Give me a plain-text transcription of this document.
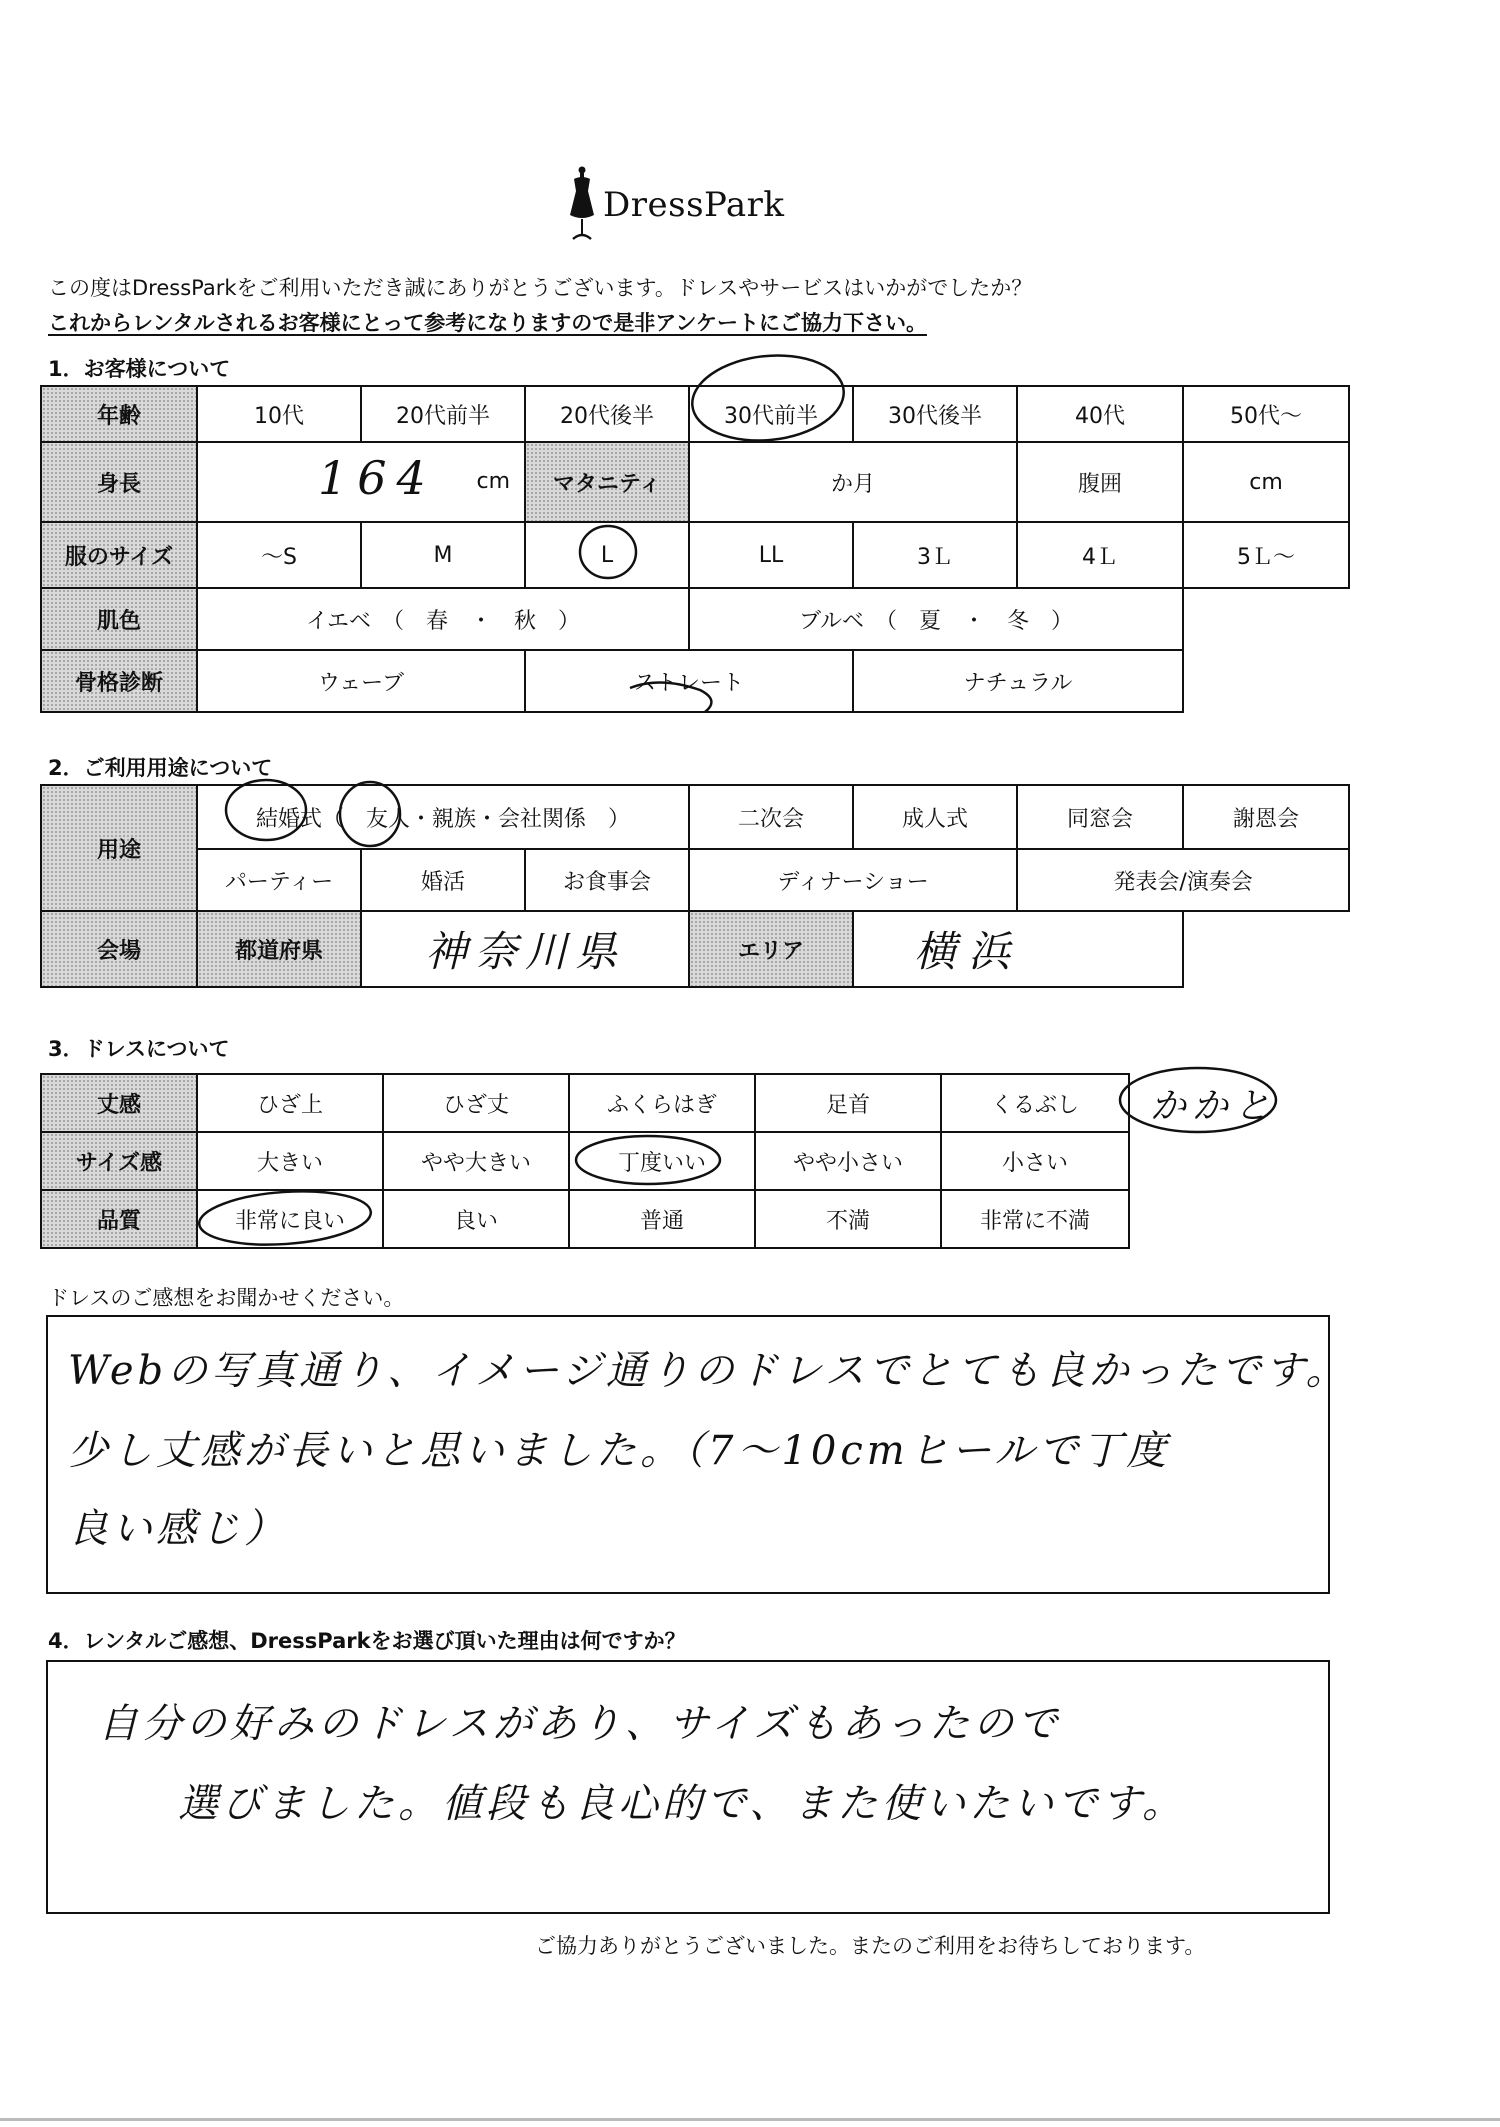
DressPark
この度はDressParkをご利用いただき誠にありがとうございます。ドレスやサービスはいかがでしたか？
これからレンタルされるお客様にとって参考になりますので是非アンケートにご協力下さい。
1．お客様について
年齢	10代	20代前半	20代後半	30代前半	30代後半	40代	50代～
身長	164 cm		マタニティ	か月		腹囲	cm
服のサイズ	～S	M	L	LL	3Ｌ	4Ｌ	5Ｌ～
肌色	イエベ　（　春　・　秋　）			ブルベ　（　夏　・　冬　）			
骨格診断	ウェーブ		ストレート		ナチュラル		
2．ご利用用途について
用途	結婚式（　友人・親族・会社関係　）			二次会	成人式	同窓会	謝恩会
	パーティー	婚活	お食事会	ディナーショー		発表会/演奏会	
会場	都道府県	神奈川県		エリア	横浜		
3．ドレスについて
丈感	ひざ上	ひざ丈	ふくらはぎ	足首	くるぶし
サイズ感	大きい	やや大きい	丁度いい	やや小さい	小さい
品質	非常に良い	良い	普通	不満	非常に不満
かかと
ドレスのご感想をお聞かせください。
Webの写真通り、イメージ通りのドレスでとても良かったです。
少し丈感が長いと思いました。（7～10cmヒールで丁度
良い感じ）
4．レンタルご感想、DressParkをお選び頂いた理由は何ですか？
自分の好みのドレスがあり、サイズもあったので
選びました。値段も良心的で、また使いたいです。
ご協力ありがとうございました。またのご利用をお待ちしております。
